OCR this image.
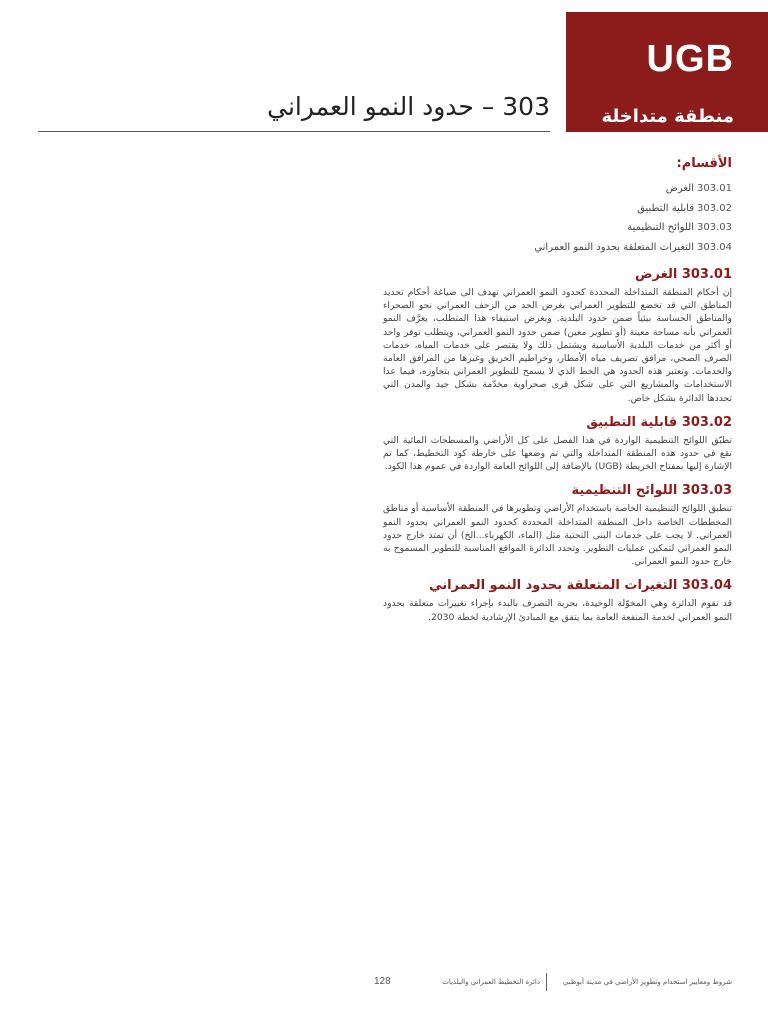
UGB
منطقة متداخلة
303 – حدود النمو العمراني
الأقسام:
303.01الغرض
303.02قابلية التطبيق
303.03اللوائح التنظيمية
303.04التغيرات المتعلقة بحدود النمو العمراني
303.01 الغرض

إن أحكام المنطقة المتداخلة المحددة كحدود النمو العمراني تهدف الى صياغة أحكام تحديد المناطق التي قد تخضع للتطوير العمراني بغرض الحد من الزحف العمراني نحو الصحراء والمناطق الحساسة بيئياً ضمن حدود البلدية. وبغرض استيفاء هذا المتطلب، يعرَّف النمو العمراني بأنه مساحة معينة (أو تطوير معين) ضمن حدود النمو العمراني، ويتطلب توفر واحد أو أكثر من خدمات البلدية الأساسية ويشتمل ذلك ولا يقتصر على خدمات المياه، خدمات الصرف الصحي، مرافق تصريف مياه الأمطار، وخراطيم الحريق وغيرها من المرافق العامة والخدمات. وتعتبر هذه الحدود هي الخط الذي لا يسمح للتطوير العمراني بتجاوزه، فيما عدا الاستخدامات والمشاريع التي على شكل قرى صحراوية مخدّمة بشكل جيد والمدن التي تحددها الدائرة بشكل خاص.

303.02 قابلية التطبيق

تطبّق اللوائح التنظيمية الواردة في هذا الفصل على كل الأراضي والمسطحات المائية التي تقع في حدود هذه المنطقة المتداخلة والتي تم وضعها على خارطة كود التخطيط، كما تم الإشارة إليها بمفتاح الخريطة (UGB) بالإضافة إلى اللوائح العامة الواردة في عموم هذا الكود.

303.03 اللوائح التنظيمية

تنطبق اللوائح التنظيمية الخاصة باستخدام الأراضي وتطويرها في المنطقة الأساسية أو مناطق المخططات الخاصة داخل المنطقة المتداخلة المحددة كحدود النمو العمراني بحدود النمو العمراني. لا يجب على خدمات البنى التحتية مثل (الماء، الكهرباء...الخ) أن تمتد خارج حدود النمو العمراني لتمكين عمليات التطوير. وتحدد الدائرة المواقع المناسبة للتطوير المسموح به خارج حدود النمو العمراني.

303.04 التغيرات المتعلقة بحدود النمو العمراني

قد تقوم الدائرة وهي المخوّلة الوحيدة، بحرية التصرف بالبدء بإجراء تغييرات متعلقة بحدود النمو العمراني لخدمة المنفعة العامة بما يتفق مع المبادئ الإرشادية لخطة 2030.

شروط ومعايير استخدام وتطوير الأراضي في مدينة أبوظبي
دائرة التخطيط العمراني والبلديات
128
